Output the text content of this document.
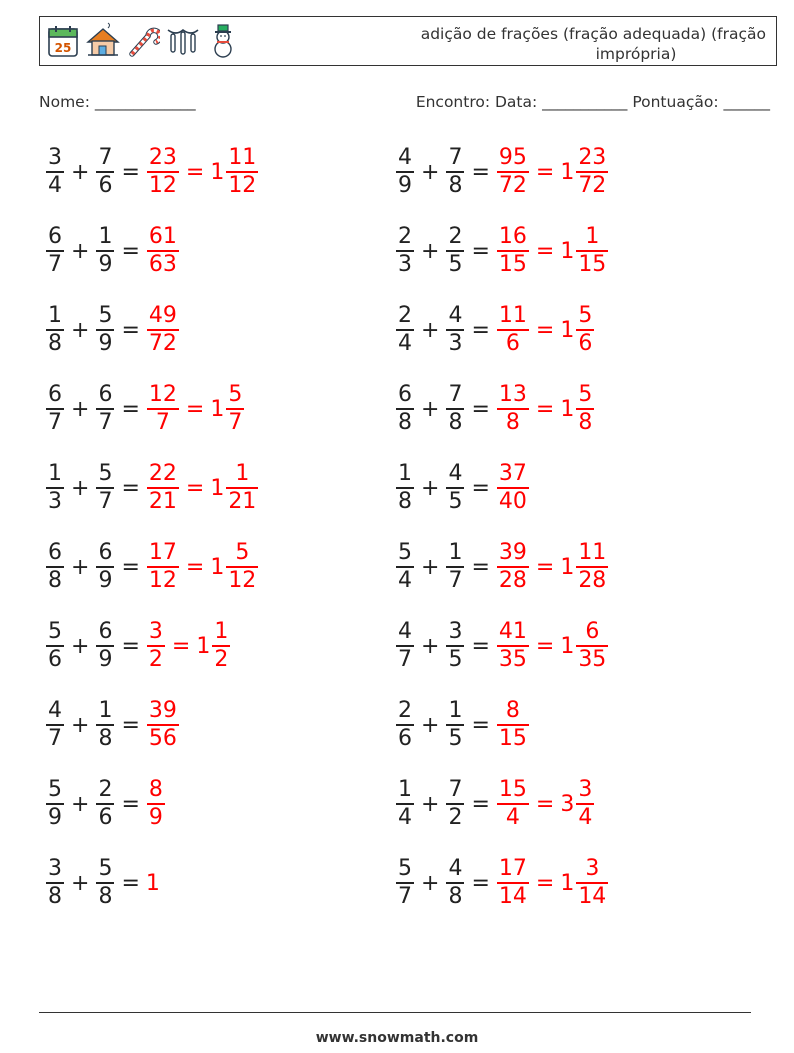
25
adição de frações (fração adequada) (fração
imprópria)
Nome: _____________	Encontro: Data: ___________ Pontuação: ______
$\frac{3}{4} + \frac{7}{6} = \frac{23}{12} = 1 \frac{11}{12}$	$\frac{4}{9} + \frac{7}{8} = \frac{95}{72} = 1 \frac{23}{72}$
$\frac{6}{7} + \frac{1}{9} = \frac{61}{63}$	$\frac{2}{3} + \frac{2}{5} = \frac{16}{15} = 1 \frac{1}{15}$
$\frac{1}{8} + \frac{5}{9} = \frac{49}{72}$	$\frac{2}{4} + \frac{4}{3} = \frac{11}{6} = 1 \frac{5}{6}$
$\frac{6}{7} + \frac{6}{7} = \frac{12}{7} = 1 \frac{5}{7}$	$\frac{6}{8} + \frac{7}{8} = \frac{13}{8} = 1 \frac{5}{8}$
$\frac{1}{3} + \frac{5}{7} = \frac{22}{21} = 1 \frac{1}{21}$	$\frac{1}{8} + \frac{4}{5} = \frac{37}{40}$
$\frac{6}{8} + \frac{6}{9} = \frac{17}{12} = 1 \frac{5}{12}$	$\frac{5}{4} + \frac{1}{7} = \frac{39}{28} = 1 \frac{11}{28}$
$\frac{5}{6} + \frac{6}{9} = \frac{3}{2} = 1 \frac{1}{2}$	$\frac{4}{7} + \frac{3}{5} = \frac{41}{35} = 1 \frac{6}{35}$
$\frac{4}{7} + \frac{1}{8} = \frac{39}{56}$	$\frac{2}{6} + \frac{1}{5} = \frac{8}{15}$
$\frac{5}{9} + \frac{2}{6} = \frac{8}{9}$	$\frac{1}{4} + \frac{7}{2} = \frac{15}{4} = 3 \frac{3}{4}$
$\frac{3}{8} + \frac{5}{8} = 1$	$\frac{5}{7} + \frac{4}{8} = \frac{17}{14} = 1 \frac{3}{14}$
www.snowmath.com
